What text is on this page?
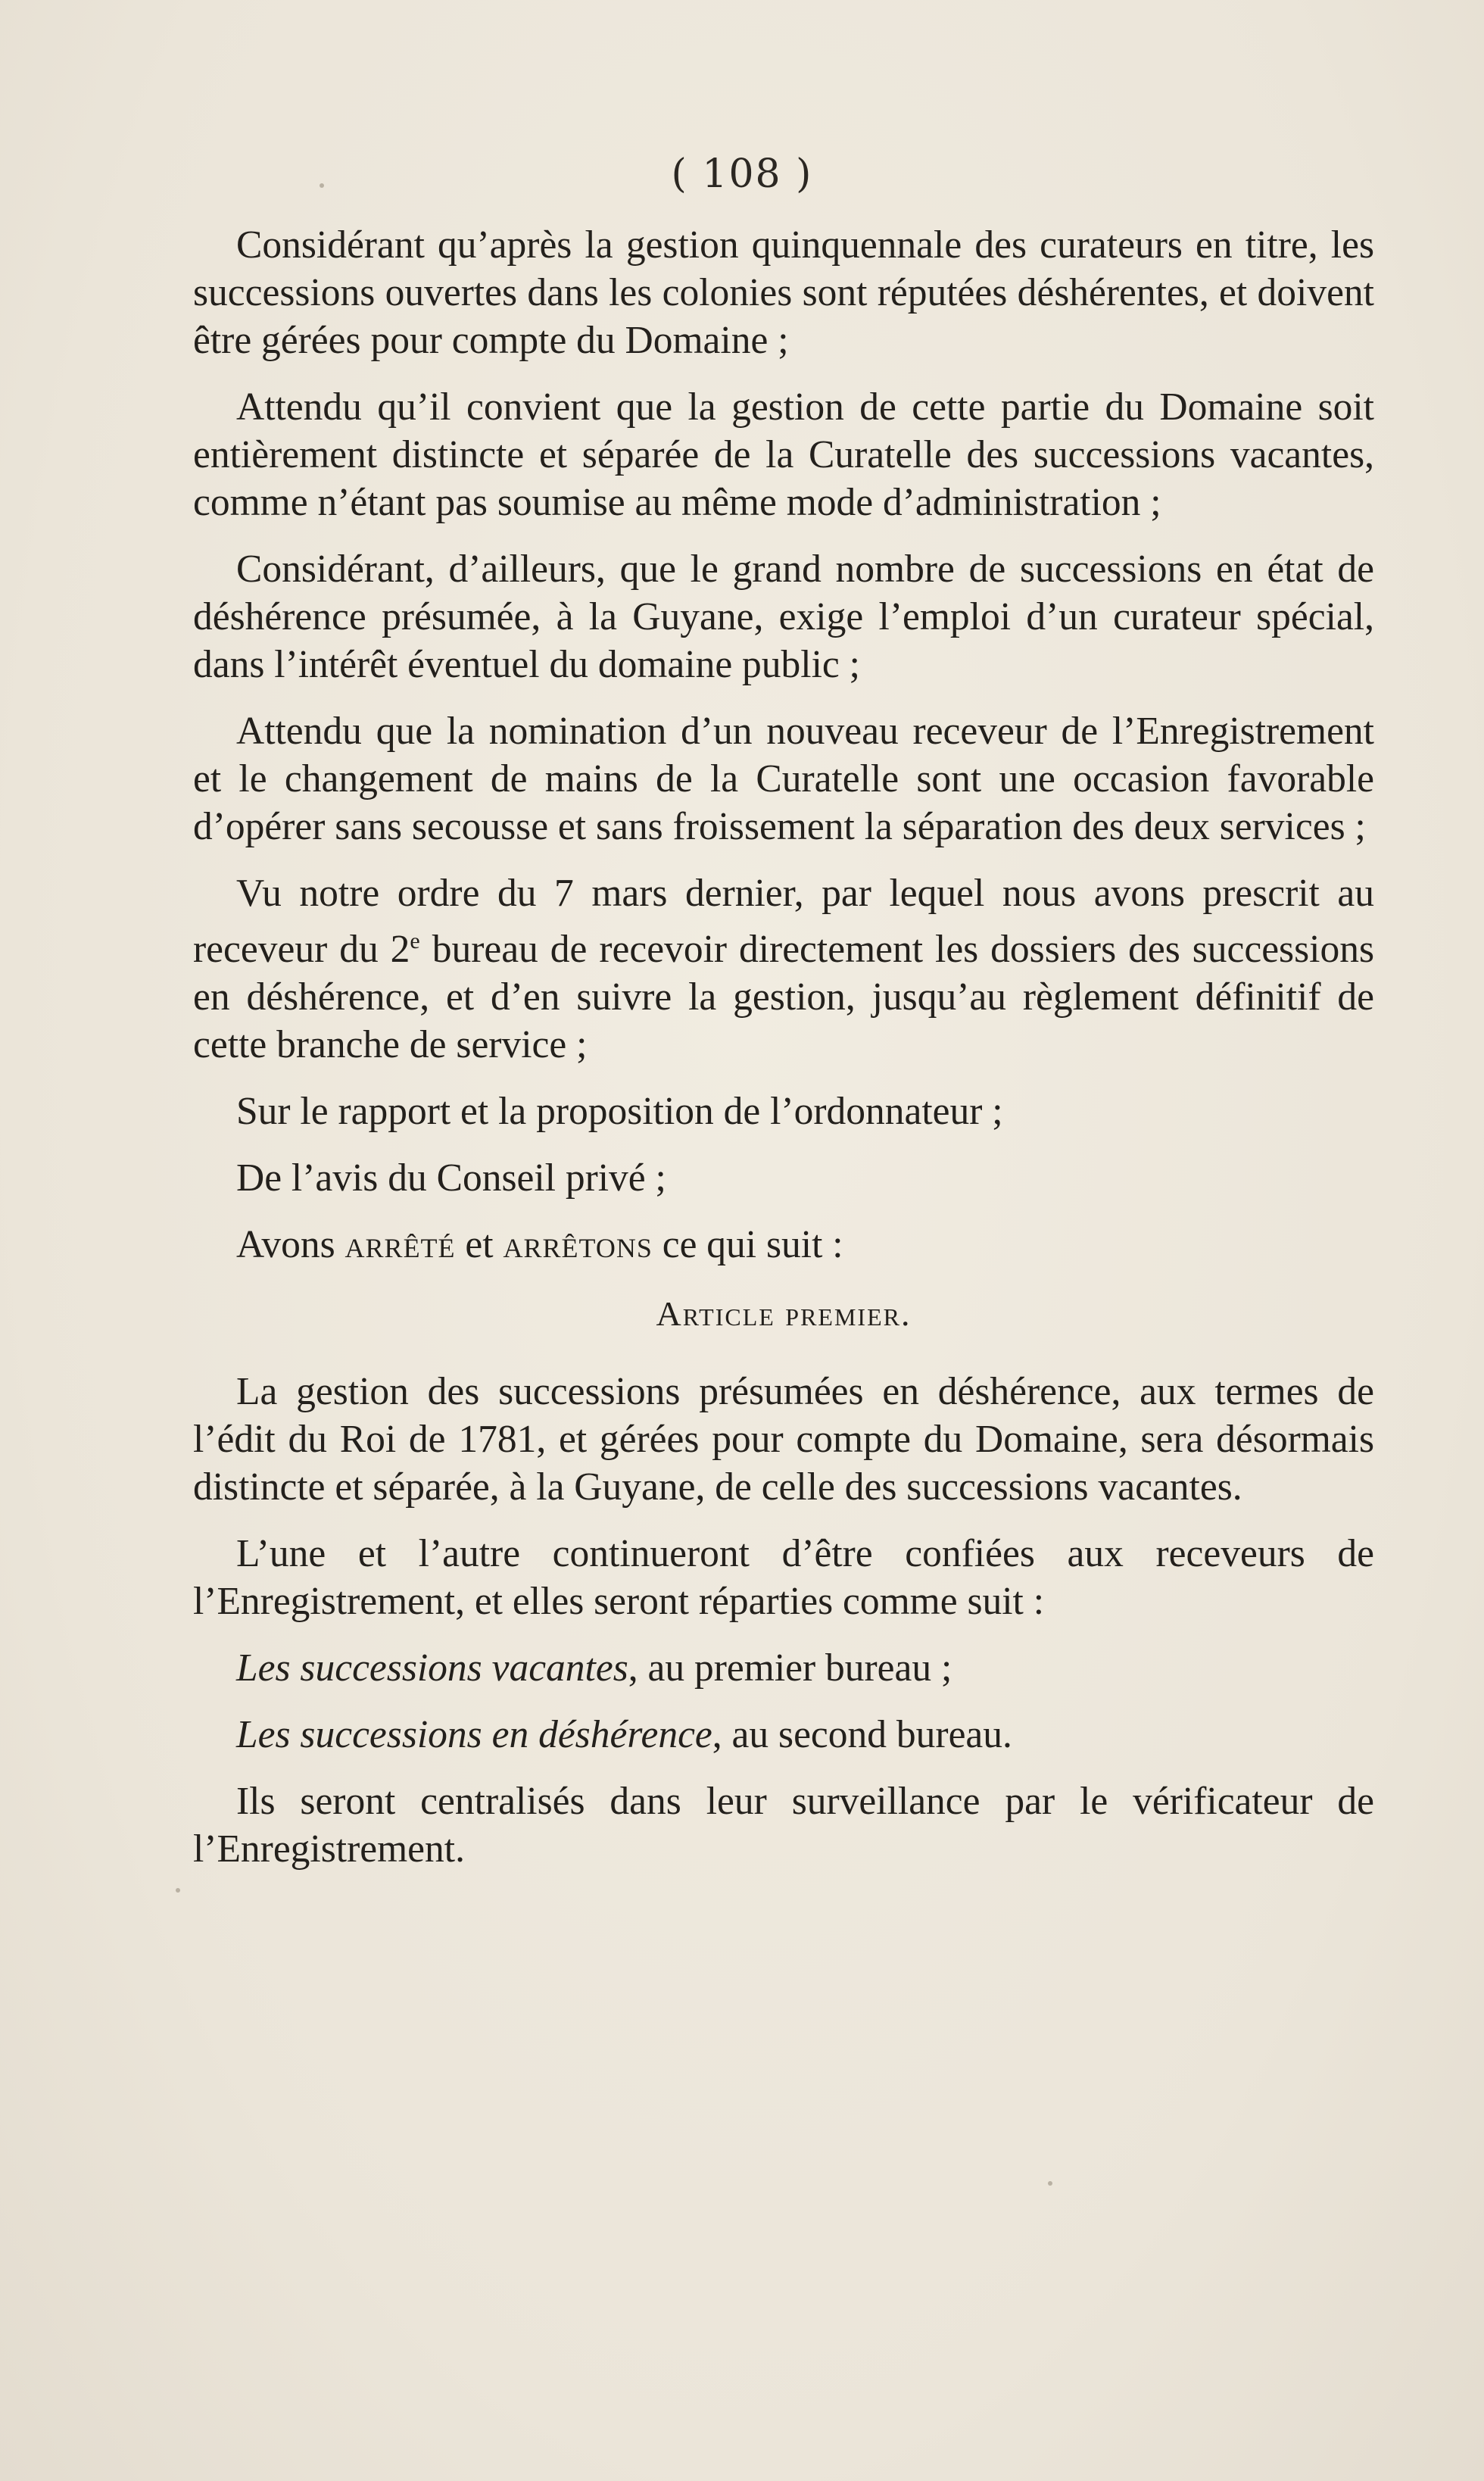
( 108 )

Considérant qu’après la gestion quinquennale des curateurs en titre, les successions ouvertes dans les colonies sont réputées déshérentes, et doivent être gérées pour compte du Domaine ;

Attendu qu’il convient que la gestion de cette partie du Domaine soit entièrement distincte et séparée de la Curatelle des successions vacantes, comme n’étant pas soumise au même mode d’administration ;

Considérant, d’ailleurs, que le grand nombre de successions en état de déshérence présumée, à la Guyane, exige l’emploi d’un curateur spécial, dans l’intérêt éventuel du domaine public ;

Attendu que la nomination d’un nouveau receveur de l’Enregistrement et le changement de mains de la Curatelle sont une occasion favorable d’opérer sans secousse et sans froissement la séparation des deux services ;

Vu notre ordre du 7 mars dernier, par lequel nous avons prescrit au receveur du 2e bureau de recevoir directement les dossiers des successions en déshérence, et d’en suivre la gestion, jusqu’au règlement définitif de cette branche de service ;

Sur le rapport et la proposition de l’ordonnateur ;

De l’avis du Conseil privé ;

Avons arrêté et arrêtons ce qui suit :

Article premier.

La gestion des successions présumées en déshérence, aux termes de l’édit du Roi de 1781, et gérées pour compte du Domaine, sera désormais distincte et séparée, à la Guyane, de celle des successions vacantes.

L’une et l’autre continueront d’être confiées aux receveurs de l’Enregistrement, et elles seront réparties comme suit :

Les successions vacantes, au premier bureau ;

Les successions en déshérence, au second bureau.

Ils seront centralisés dans leur surveillance par le vérificateur de l’Enregistrement.
